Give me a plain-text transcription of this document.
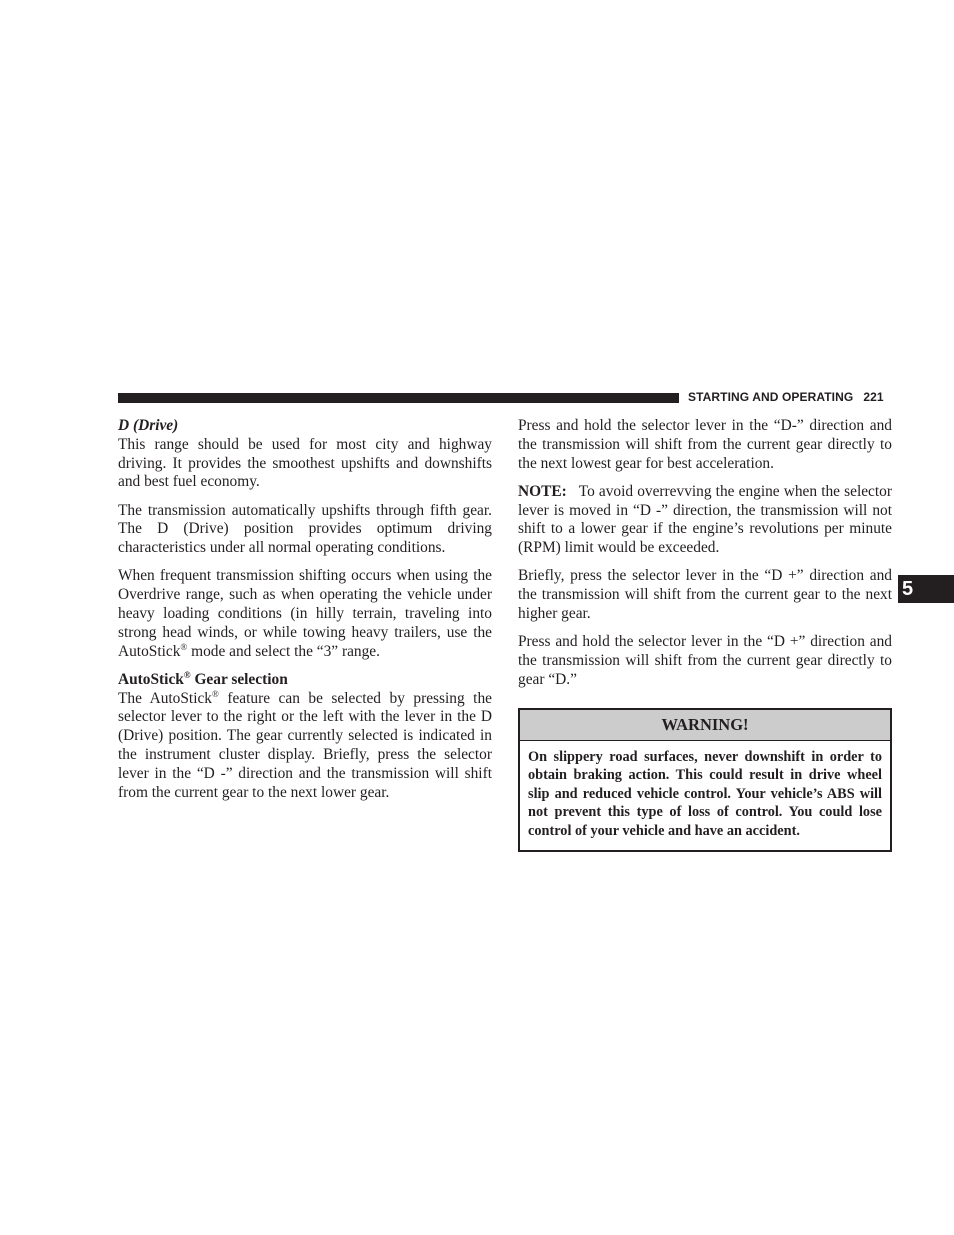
STARTING AND OPERATING 221
5

D (Drive)

This range should be used for most city and highway driving. It provides the smoothest upshifts and downshifts and best fuel economy.

The transmission automatically upshifts through fifth gear. The D (Drive) position provides optimum driving characteristics under all normal operating conditions.

When frequent transmission shifting occurs when using the Overdrive range, such as when operating the vehicle under heavy loading conditions (in hilly terrain, traveling into strong head winds, or while towing heavy trailers, use the AutoStick® mode and select the “3” range.

AutoStick® Gear selection

The AutoStick® feature can be selected by pressing the selector lever to the right or the left with the lever in the D (Drive) position. The gear currently selected is indicated in the instrument cluster display. Briefly, press the selector lever in the “D -” direction and the transmission will shift from the current gear to the next lower gear.

Press and hold the selector lever in the “D-” direction and the transmission will shift from the current gear directly to the next lowest gear for best acceleration.

NOTE: To avoid overrevving the engine when the selector lever is moved in “D -” direction, the transmission will not shift to a lower gear if the engine’s revolutions per minute (RPM) limit would be exceeded.

Briefly, press the selector lever in the “D +” direction and the transmission will shift from the current gear to the next higher gear.

Press and hold the selector lever in the “D +” direction and the transmission will shift from the current gear directly to gear “D.”

WARNING!
On slippery road surfaces, never downshift in order to obtain braking action. This could result in drive wheel slip and reduced vehicle control. Your vehicle’s ABS will not prevent this type of loss of control. You could lose control of your vehicle and have an accident.
